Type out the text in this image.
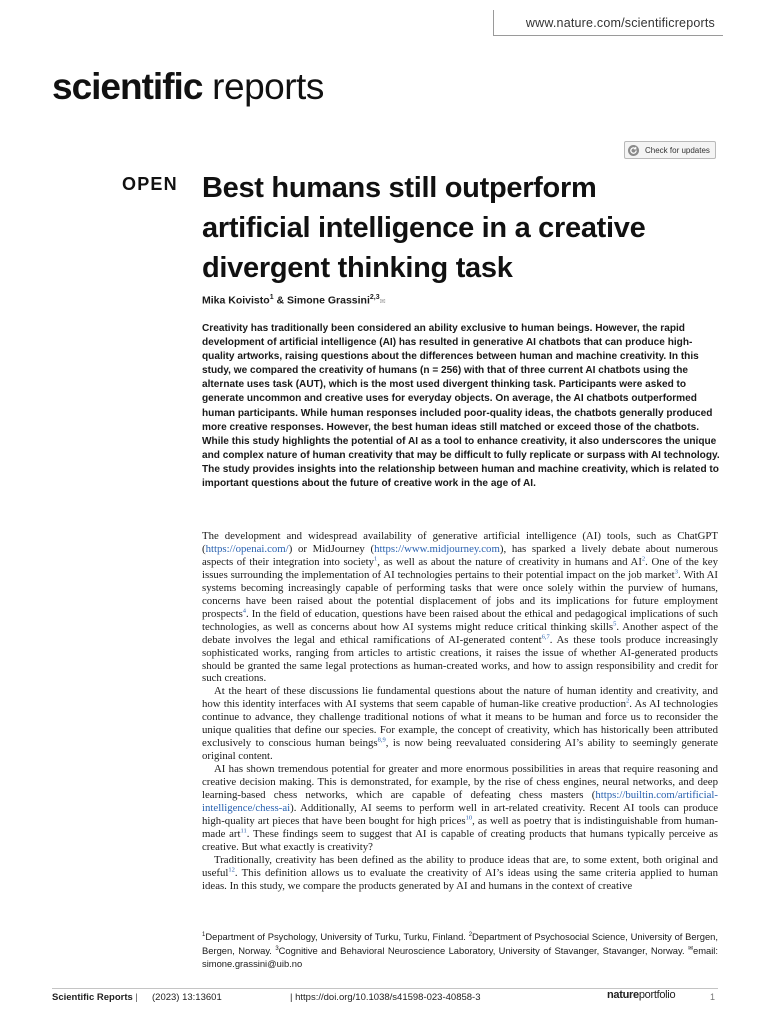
www.nature.com/scientificreports
scientific reports
Check for updates
OPEN Best humans still outperform artificial intelligence in a creative divergent thinking task
Mika Koivisto$^1$ & Simone Grassini$^{2,3}$✉

Creativity has traditionally been considered an ability exclusive to human beings. However, the rapid development of artificial intelligence (AI) has resulted in generative AI chatbots that can produce high-quality artworks, raising questions about the differences between human and machine creativity. In this study, we compared the creativity of humans (n = 256) with that of three current AI chatbots using the alternate uses task (AUT), which is the most used divergent thinking task. Participants were asked to generate uncommon and creative uses for everyday objects. On average, the AI chatbots outperformed human participants. While human responses included poor-quality ideas, the chatbots generally produced more creative responses. However, the best human ideas still matched or exceed those of the chatbots. While this study highlights the potential of AI as a tool to enhance creativity, it also underscores the unique and complex nature of human creativity that may be difficult to fully replicate or surpass with AI technology. The study provides insights into the relationship between human and machine creativity, which is related to important questions about the future of creative work in the age of AI.

The development and widespread availability of generative artificial intelligence (AI) tools, such as ChatGPT (https://openai.com/) or MidJourney (https://www.midjourney.com), has sparked a lively debate about numerous aspects of their integration into society$^1$, as well as about the nature of creativity in humans and $AI^2$. One of the key issues surrounding the implementation of AI technologies pertains to their potential impact on the job market$^3$. With AI systems becoming increasingly capable of performing tasks that were once solely within the purview of humans, concerns have been raised about the potential displacement of jobs and its implications for future employment prospects$^4$. In the field of education, questions have been raised about the ethical and pedagogical implications of such technologies, as well as concerns about how AI systems might reduce critical thinking skills$^5$. Another aspect of the debate involves the legal and ethical ramifications of AI-generated content$^{6,7}$. As these tools produce increasingly sophisticated works, ranging from articles to artistic creations, it raises the issue of whether AI-generated products should be granted the same legal protections as human-created works, and how to assign responsibility and credit for such creations.

At the heart of these discussions lie fundamental questions about the nature of human identity and creativity, and how this identity interfaces with AI systems that seem capable of human-like creative production$^2$. As AI technologies continue to advance, they challenge traditional notions of what it means to be human and force us to reconsider the unique qualities that define our species. For example, the concept of creativity, which has historically been attributed exclusively to conscious human beings$^{8,9}$, is now being reevaluated considering AI’s ability to seemingly generate original content.

AI has shown tremendous potential for greater and more enormous possibilities in areas that require reasoning and creative decision making. This is demonstrated, for example, by the rise of chess engines, neural networks, and deep learning-based chess networks, which are capable of defeating chess masters (https://builtin.com/artificial-intelligence/chess-ai). Additionally, AI seems to perform well in art-related creativity. Recent AI tools can produce high-quality art pieces that have been bought for high prices$^{10}$, as well as poetry that is indistinguishable from human-made art$^{11}$. These findings seem to suggest that AI is capable of creating products that humans typically perceive as creative. But what exactly is creativity?

Traditionally, creativity has been defined as the ability to produce ideas that are, to some extent, both original and useful$^{12}$. This definition allows us to evaluate the creativity of AI’s ideas using the same criteria applied to human ideas. In this study, we compare the products generated by AI and humans in the context of creative

$^1$Department of Psychology, University of Turku, Turku, Finland. $^2$Department of Psychosocial Science, University of Bergen, Bergen, Norway. $^3$Cognitive and Behavioral Neuroscience Laboratory, University of Stavanger, Stavanger, Norway. ✉email: simone.grassini@uib.no

Scientific Reports | (2023) 13:13601	| https://doi.org/10.1038/s41598-023-40858-3	natureportfolio	1
